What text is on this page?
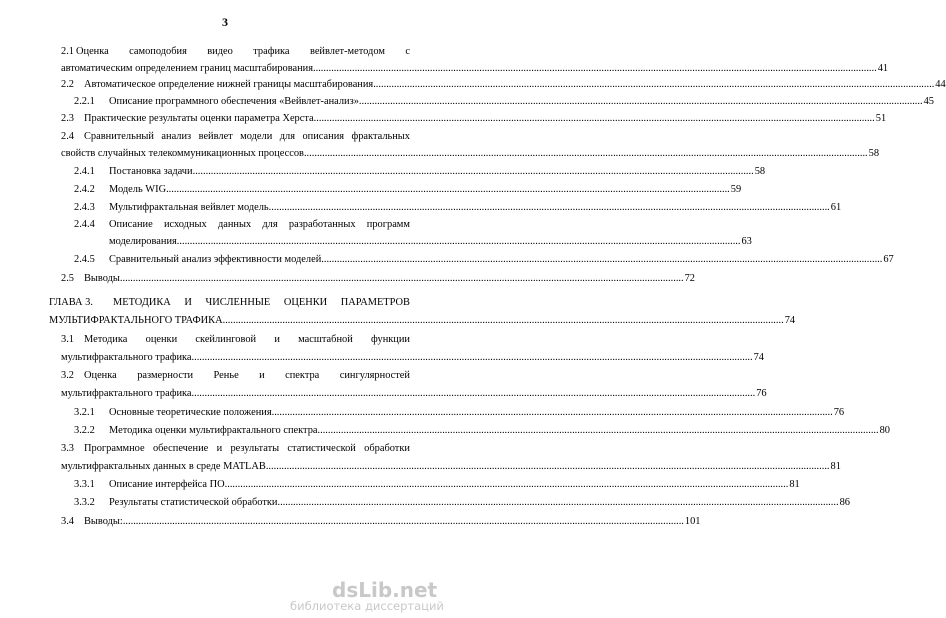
3
2.1 Оценка самоподобия видео трафика вейвлет-методом с
автоматическим определением границ масштабирования. .....	41
2.2 Автоматическое определение нижней границы масштабирования .....	44
2.2.1	Описание программного обеспечения «Вейвлет-анализ». .....	45
2.3 Практические результаты оценки параметра Херста .....	51
2.4 Сравнительный анализ вейвлет модели для описания фрактальных
свойств случайных телекоммуникационных процессов. .....	58
2.4.1	Постановка задачи .....	58
2.4.2	Модель WIG. .....	59
2.4.3	Мультифрактальная вейвлет модель .....	61
2.4.4	Описание исходных данных для разработанных программ
моделирования. .....	63
2.4.5	Сравнительный анализ эффективности моделей .....	67
2.5 Выводы. .....	72
ГЛАВА 3.	МЕТОДИКА И ЧИСЛЕННЫЕ ОЦЕНКИ ПАРАМЕТРОВ
МУЛЬТИФРАКТАЛЬНОГО ТРАФИКА .....	74
3.1 Методика оценки скейлинговой и масштабной функции
мультифрактального трафика .....	74
3.2 Оценка размерности Ренье и спектра сингулярностей
мультифрактального трафика. .....	76
3.2.1	Основные теоретические положения .....	76
3.2.2	Методика оценки мультифрактального спектра .....	80
3.3 Программное обеспечение и результаты статистической обработки
мультифрактальных данных в среде MATLAB. .....	81
3.3.1	Описание интерфейса ПО. .....	81
3.3.2	Результаты статистической обработки .....	86
3.4 Выводы: .....	101
dsLib.net
библиотека диссертаций
